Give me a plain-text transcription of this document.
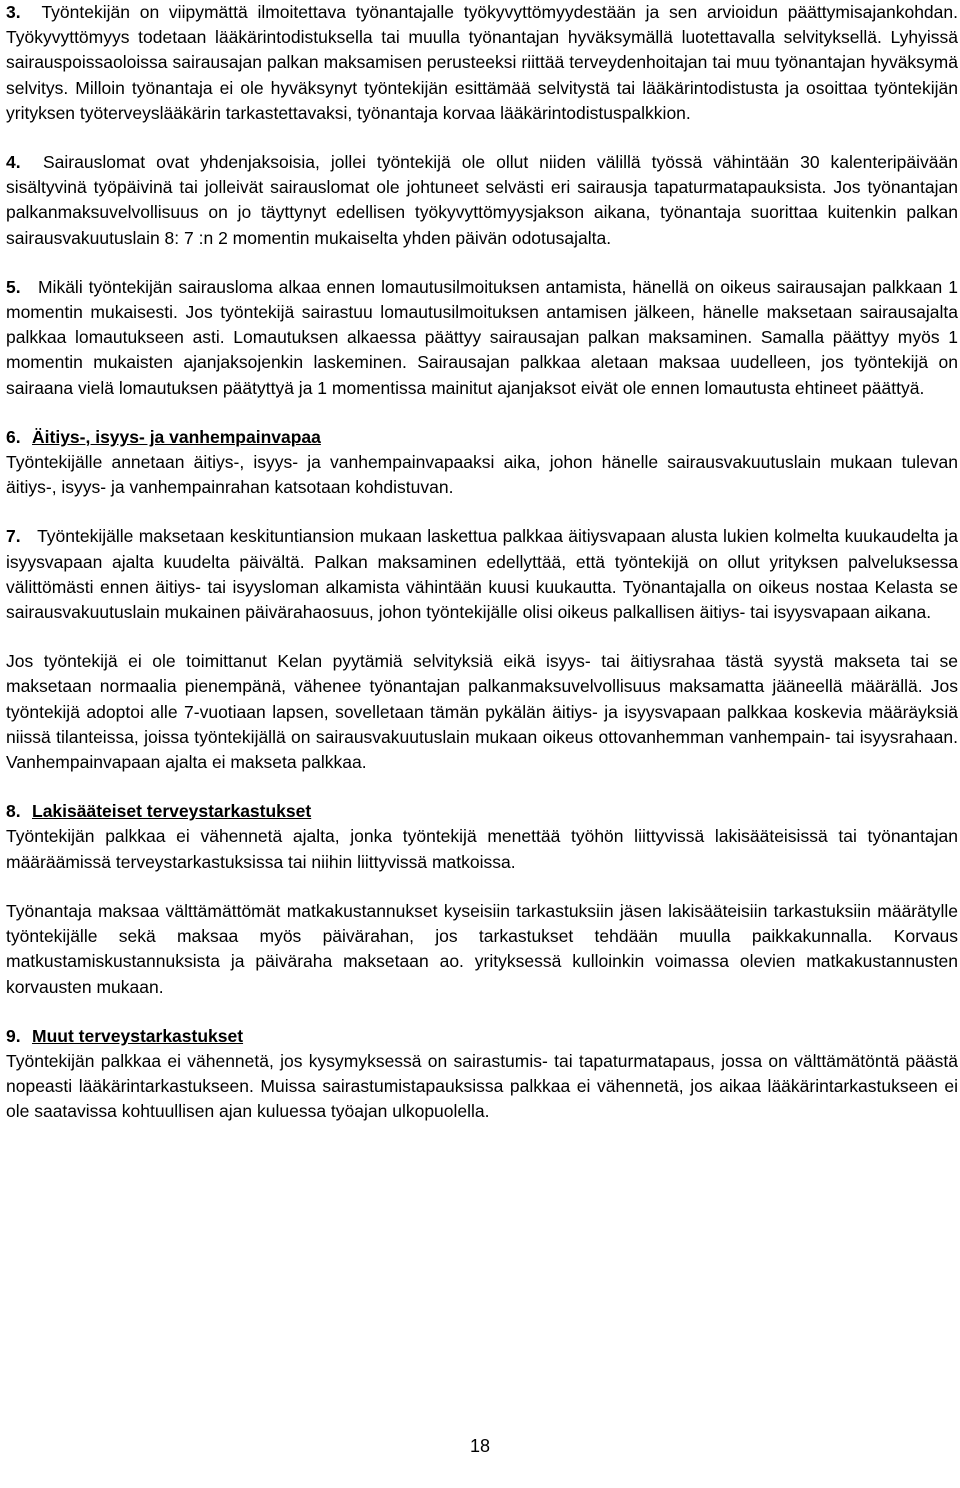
3. Työntekijän on viipymättä ilmoitettava työnantajalle työkyvyttömyydestään ja sen arvioidun päättymisajankohdan. Työkyvyttömyys todetaan lääkärintodistuksella tai muulla työnantajan hyväksymällä luotettavalla selvityksellä. Lyhyissä sairauspoissaoloissa sairausajan palkan maksamisen perusteeksi riittää terveydenhoitajan tai muu työnantajan hyväksymä selvitys. Milloin työnantaja ei ole hyväksynyt työntekijän esittämää selvitystä tai lääkärintodistusta ja osoittaa työntekijän yrityksen työterveyslääkärin tarkastettavaksi, työnantaja korvaa lääkärintodistuspalkkion.

4. Sairauslomat ovat yhdenjaksoisia, jollei työntekijä ole ollut niiden välillä työssä vähintään 30 kalenteripäivään sisältyvinä työpäivinä tai jolleivät sairauslomat ole johtuneet selvästi eri sairausja tapaturmatapauksista. Jos työnantajan palkanmaksuvelvollisuus on jo täyttynyt edellisen työkyvyttömyysjakson aikana, työnantaja suorittaa kuitenkin palkan sairausvakuutuslain 8: 7 :n 2 momentin mukaiselta yhden päivän odotusajalta.

5. Mikäli työntekijän sairausloma alkaa ennen lomautusilmoituksen antamista, hänellä on oikeus sairausajan palkkaan 1 momentin mukaisesti. Jos työntekijä sairastuu lomautusilmoituksen antamisen jälkeen, hänelle maksetaan sairausajalta palkkaa lomautukseen asti. Lomautuksen alkaessa päättyy sairausajan palkan maksaminen. Samalla päättyy myös 1 momentin mukaisten ajanjaksojenkin laskeminen. Sairausajan palkkaa aletaan maksaa uudelleen, jos työntekijä on sairaana vielä lomautuksen päätyttyä ja 1 momentissa mainitut ajanjaksot eivät ole ennen lomautusta ehtineet päättyä.

6. Äitiys-, isyys- ja vanhempainvapaa
Työntekijälle annetaan äitiys-, isyys- ja vanhempainvapaaksi aika, johon hänelle sairausvakuutuslain mukaan tulevan äitiys-, isyys- ja vanhempainrahan katsotaan kohdistuvan.

7. Työntekijälle maksetaan keskituntiansion mukaan laskettua palkkaa äitiysvapaan alusta lukien kolmelta kuukaudelta ja isyysvapaan ajalta kuudelta päivältä. Palkan maksaminen edellyttää, että työntekijä on ollut yrityksen palveluksessa välittömästi ennen äitiys- tai isyysloman alkamista vähintään kuusi kuukautta. Työnantajalla on oikeus nostaa Kelasta se sairausvakuutuslain mukainen päivärahaosuus, johon työntekijälle olisi oikeus palkallisen äitiys- tai isyysvapaan aikana.

Jos työntekijä ei ole toimittanut Kelan pyytämiä selvityksiä eikä isyys- tai äitiysrahaa tästä syystä makseta tai se maksetaan normaalia pienempänä, vähenee työnantajan palkanmaksuvelvollisuus maksamatta jääneellä määrällä. Jos työntekijä adoptoi alle 7-vuotiaan lapsen, sovelletaan tämän pykälän äitiys- ja isyysvapaan palkkaa koskevia määräyksiä niissä tilanteissa, joissa työntekijällä on sairausvakuutuslain mukaan oikeus ottovanhemman vanhempain- tai isyysrahaan. Vanhempainvapaan ajalta ei makseta palkkaa.

8. Lakisääteiset terveystarkastukset
Työntekijän palkkaa ei vähennetä ajalta, jonka työntekijä menettää työhön liittyvissä lakisääteisissä tai työnantajan määräämissä terveystarkastuksissa tai niihin liittyvissä matkoissa.

Työnantaja maksaa välttämättömät matkakustannukset kyseisiin tarkastuksiin jäsen lakisääteisiin tarkastuksiin määrätylle työntekijälle sekä maksaa myös päivärahan, jos tarkastukset tehdään muulla paikkakunnalla. Korvaus matkustamiskustannuksista ja päiväraha maksetaan ao. yrityksessä kulloinkin voimassa olevien matkakustannusten korvausten mukaan.

9. Muut terveystarkastukset
Työntekijän palkkaa ei vähennetä, jos kysymyksessä on sairastumis- tai tapaturmatapaus, jossa on välttämätöntä päästä nopeasti lääkärintarkastukseen. Muissa sairastumistapauksissa palkkaa ei vähennetä, jos aikaa lääkärintarkastukseen ei ole saatavissa kohtuullisen ajan kuluessa työajan ulkopuolella.

18
